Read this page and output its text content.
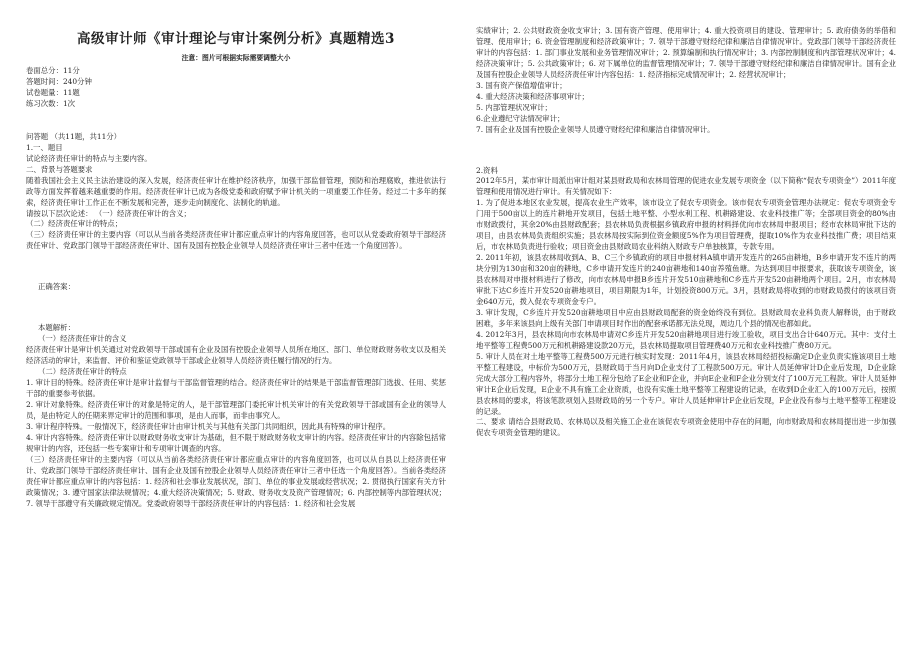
高级审计师《审计理论与审计案例分析》真题精选3
注意：图片可根据实际需要调整大小
卷面总分：11分
答题时间：240分钟
试卷题量：11题
练习次数：1次
问答题 （共11题，共11分）
1.一、题目
试论经济责任审计的特点与主要内容。
二、背景与答题要求
随着我国社会主义民主法治建设的深入发展，经济责任审计在维护经济秩序，加强干部监督管理，预防和治理腐败，推进依法行政等方面发挥着越来越重要的作用。经济责任审计已成为各级党委和政府赋予审计机关的一项重要工作任务。经过二十多年的探索，经济责任审计工作正在不断发展和完善，逐步走向制度化、法制化的轨道。
请按以下层次论述： （一）经济责任审计的含义；
（二）经济责任审计的特点；
（三）经济责任审计的主要内容（可以从当前各类经济责任审计都应重点审计的内容角度回答，也可以从党委政府领导干部经济责任审计、党政部门领导干部经济责任审计、国有及国有控股企业领导人员经济责任审计三者中任选一个角度回答）。
正确答案：
本题解析：
（一）经济责任审计的含义
经济责任审计是审计机关通过对党政领导干部或国有企业及国有控股企业领导人员所在地区、部门、单位财政财务收支以及相关经济活动的审计，来监督、评价和鉴证党政领导干部或企业领导人员经济责任履行情况的行为。
（二）经济责任审计的特点
1. 审计目的特殊。经济责任审计是审计监督与干部监督管理的结合。经济责任审计的结果是干部监督管理部门选拔、任用、奖惩干部的重要参考依据。
2. 审计对象特殊。经济责任审计的对象是特定的人，是干部管理部门委托审计机关审计的有关党政领导干部或国有企业的领导人员，是由特定人的任期来界定审计的范围和事项，是由人而事，而非由事究人。
3. 审计程序特殊。一般情况下，经济责任审计由审计机关与其他有关部门共同组织，因此具有特殊的审计程序。
4. 审计内容特殊。经济责任审计以财政财务收支审计为基础，但不限于财政财务收支审计的内容。经济责任审计的内容除包括常规审计的内容，还包括一些专案审计和专项审计调查的内容。
（三）经济责任审计的主要内容（可以从当前各类经济责任审计都应重点审计的内容角度回答，也可以从自县以上经济责任审计、党政部门领导干部经济责任审计、国有企业及国有控股企业领导人员经济责任审计三者中任选一个角度回答）。当前各类经济责任审计都应重点审计的内容包括：1. 经济和社会事业发展状况，部门、单位的事业发展或经营状况；2. 贯彻执行国家有关方针政策情况；3. 遵守国家法律法规情况；4.重大经济决策情况；5. 财政、财务收支及资产管理情况；6. 内部控制等内部管理状况；7. 领导干部遵守有关廉政规定情况。党委政府领导干部经济责任审计的内容包括：1. 经济和社会发展
实绩审计；2. 公共财政资金收支审计；3. 国有资产管理、使用审计；4. 重大投资项目的建设、管理审计；5. 政府债务的举借和管理、使用审计；6. 资金管理制度和经济政策审计；7. 领导干部遵守财经纪律和廉洁自律情况审计。党政部门领导干部经济责任审计的内容包括：1. 部门事业发展和业务管理情况审计；2. 预算编制和执行情况审计；3. 内部控制制度和内部管理状况审计；4. 经济决策审计；5. 公共政策审计；6. 对下属单位的监督管理情况审计；7. 领导干部遵守财经纪律和廉洁自律情况审计。国有企业及国有控股企业领导人员经济责任审计内容包括：1. 经济指标完成情况审计；2. 经营状况审计；
3. 国有资产保值增值审计；
4. 重大经济决策和经济事项审计；
5. 内部管理状况审计；
6.企业遵纪守法情况审计；
7. 国有企业及国有控股企业领导人员遵守财经纪律和廉洁自律情况审计。
2.资料
2012年5月，某市审计局派出审计组对某县财政局和农林局管理的促进农业发展专项资金（以下简称“促农专项资金”）2011年度管理和使用情况进行审计。有关情况如下：
1. 为了促进本地区农业发展，提高农业生产效率，该市设立了促农专项资金。该市促农专项资金管理办法规定：促农专项资金专门用于500亩以上的连片耕地开发项目，包括土地平整、小型水利工程、机耕路建设、农业科技推广等；全部项目资金的80%由市财政拨付，其余20%由县财政配套；县农林局负责根据乡镇政府申报的材料择优向市农林局申报项目；经市农林局审批下达的项目，由县农林局负责组织实施；县农林局按实际到位资金额度5%作为项目管理费，提取10%作为农业科技推广费；项目结束后，市农林局负责进行验收；项目资金由县财政局农业科纳入财政专户单独核算，专款专用。
2. 2011年初，该县农林局收到A、B、C三个乡镇政府的项目申报材料A镇申请开发连片的265亩耕地，B乡申请开发不连片的两块分别为130亩和320亩的耕地，C乡申请开发连片的240亩耕地和140亩养殖鱼塘。为达到项目申报要求，获取该专项资金，该县农林局对申报材料进行了修改，向市农林局申报B乡连片开发510亩耕地和C乡连片开发520亩耕地两个项目。2月，市农林局审批下达C乡连片开发520亩耕地项目，项目期限为1年，计划投资800万元。3月，县财政局将收到的市财政局拨付的该项目资金640万元，拨入促农专项资金专户。
3. 审计发现，C乡连片开发520亩耕地项目中应由县财政局配套的资金始终没有到位。县财政局农业科负责人解释说，由于财政困难，多年来该县向上级有关部门申请项目时作出的配套承诺都无法兑现，周边几个县的情况也都如此。
4. 2012年3月，县农林局向市农林局申请对C乡连片开发520亩耕地项目进行竣工验收，项目支出合计640万元。其中：支付土地平整等工程费500万元和机耕路建设款20万元，县农林局提取项目管理费40万元和农业科技推广费80万元。
5. 审计人员在对土地平整等工程费500万元进行核实时发现：2011年4月，该县农林局经招投标确定D企业负责实施该项目土地平整工程建设，中标价为500万元，县财政局于当月向D企业支付了工程款500万元。审计人员延伸审计D企业后发现，D企业除完成大部分工程内容外，将部分土地工程分包给了E企业和F企业，并向E企业和F企业分别支付了100万元工程款。审计人员延伸审计E企业后发现，E企业不具有施工企业资质，也没有实施土地平整等工程建设的记录，在收到D企业汇入的100万元后，按照县农林局的要求，将该笔款项划入县财政局的另一个专户。审计人员延伸审计F企业后发现，F企业没有参与土地平整等工程建设的记录。
二、要求 请结合县财政局、农林局以及相关施工企业在该促农专项资金使用中存在的问题，向市财政局和农林局提出进一步加强促农专项资金管理的建议。
